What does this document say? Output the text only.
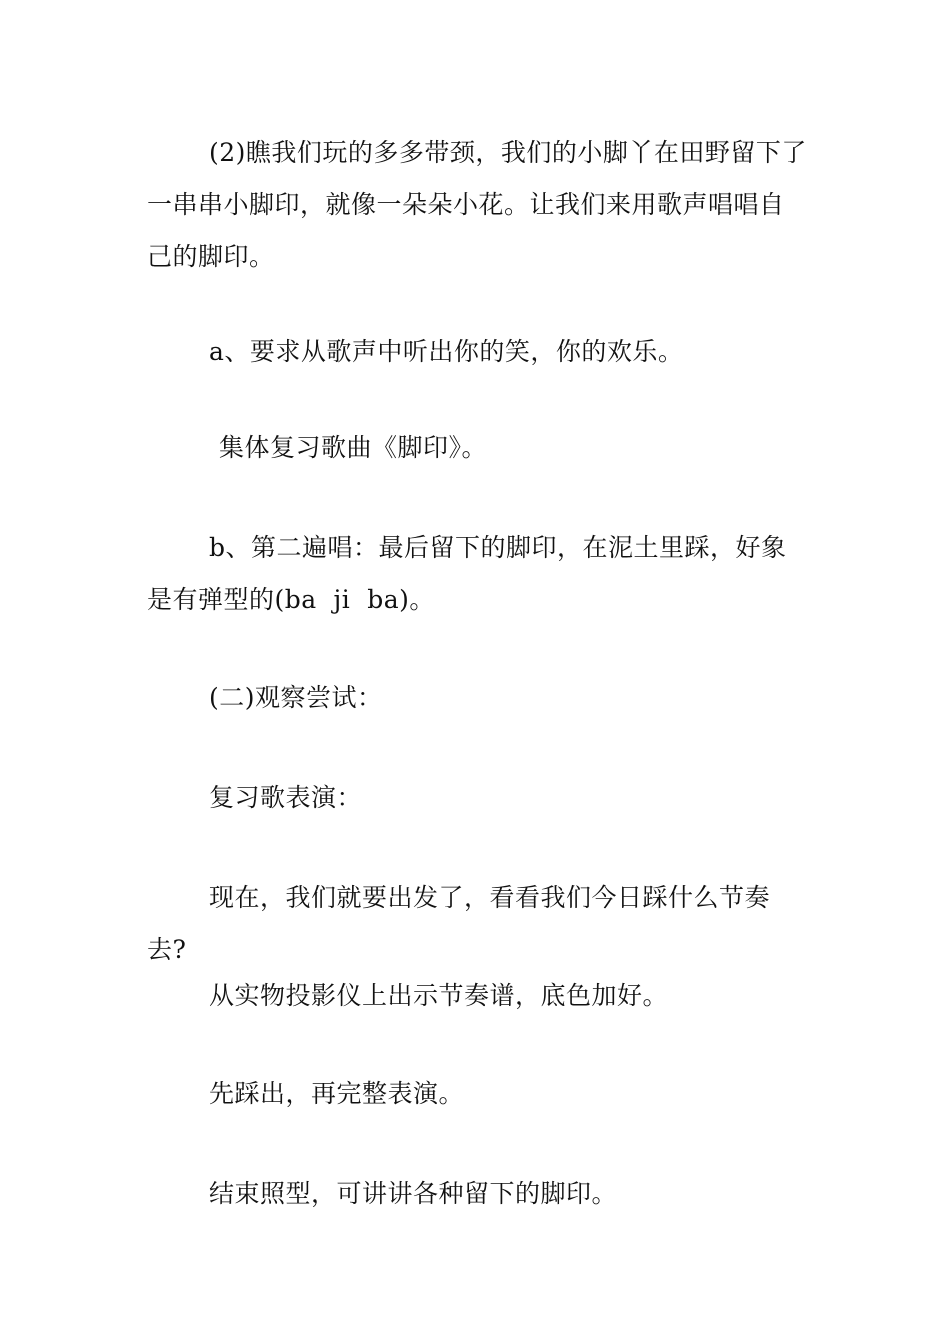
(2)瞧我们玩的多多带颈，我们的小脚丫在田野留下了一串串小脚印，就像一朵朵小花。让我们来用歌声唱唱自己的脚印。

a、要求从歌声中听出你的笑，你的欢乐。

集体复习歌曲《脚印》。

b、第二遍唱：最后留下的脚印，在泥土里踩，好象是有弹型的(ba  ji  ba)。

(二)观察尝试：

复习歌表演：

现在，我们就要出发了，看看我们今日踩什么节奏去?

从实物投影仪上出示节奏谱，底色加好。

先踩出，再完整表演。

结束照型，可讲讲各种留下的脚印。
